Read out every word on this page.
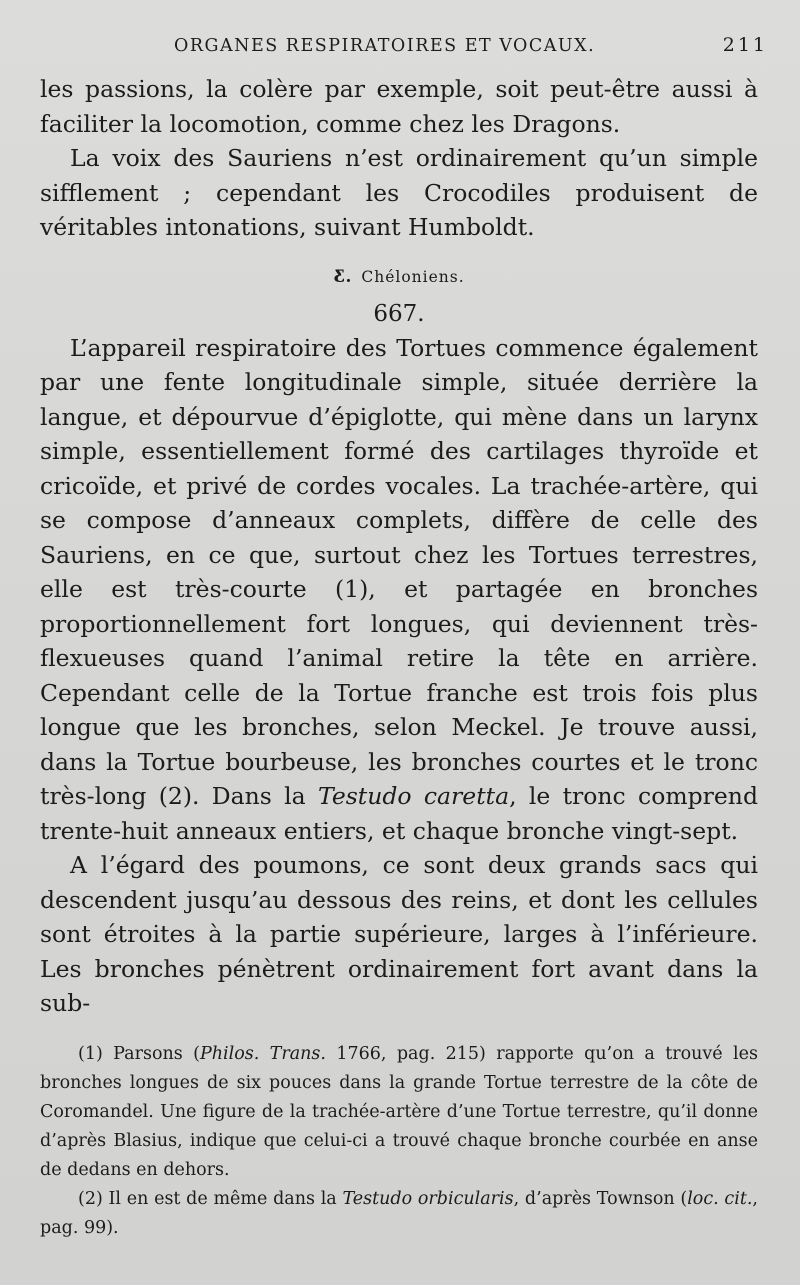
ORGANES RESPIRATOIRES ET VOCAUX.	211

les passions, la colère par exemple, soit peut-être aussi à faciliter la locomotion, comme chez les Dragons.

La voix des Sauriens n’est ordinairement qu’un simple sifflement ; cependant les Crocodiles produisent de véritables intonations, suivant Humboldt.

Ƹ. Chéloniens.
667.

L’appareil respiratoire des Tortues commence également par une fente longitudinale simple, située derrière la langue, et dépourvue d’épiglotte, qui mène dans un larynx simple, essentiellement formé des cartilages thyroïde et cricoïde, et privé de cordes vocales. La trachée-artère, qui se compose d’anneaux complets, diffère de celle des Sauriens, en ce que, surtout chez les Tortues terrestres, elle est très-courte (1), et partagée en bronches proportionnellement fort longues, qui deviennent très-flexueuses quand l’animal retire la tête en arrière. Cependant celle de la Tortue franche est trois fois plus longue que les bronches, selon Meckel. Je trouve aussi, dans la Tortue bourbeuse, les bronches courtes et le tronc très-long (2). Dans la Testudo caretta, le tronc comprend trente-huit anneaux entiers, et chaque bronche vingt-sept.

A l’égard des poumons, ce sont deux grands sacs qui descendent jusqu’au dessous des reins, et dont les cellules sont étroites à la partie supérieure, larges à l’inférieure. Les bronches pénètrent ordinairement fort avant dans la sub-

(1) Parsons (Philos. Trans. 1766, pag. 215) rapporte qu’on a trouvé les bronches longues de six pouces dans la grande Tortue terrestre de la côte de Coromandel. Une figure de la trachée-artère d’une Tortue terrestre, qu’il donne d’après Blasius, indique que celui-ci a trouvé chaque bronche courbée en anse de dedans en dehors.

(2) Il en est de même dans la Testudo orbicularis, d’après Townson (loc. cit., pag. 99).
